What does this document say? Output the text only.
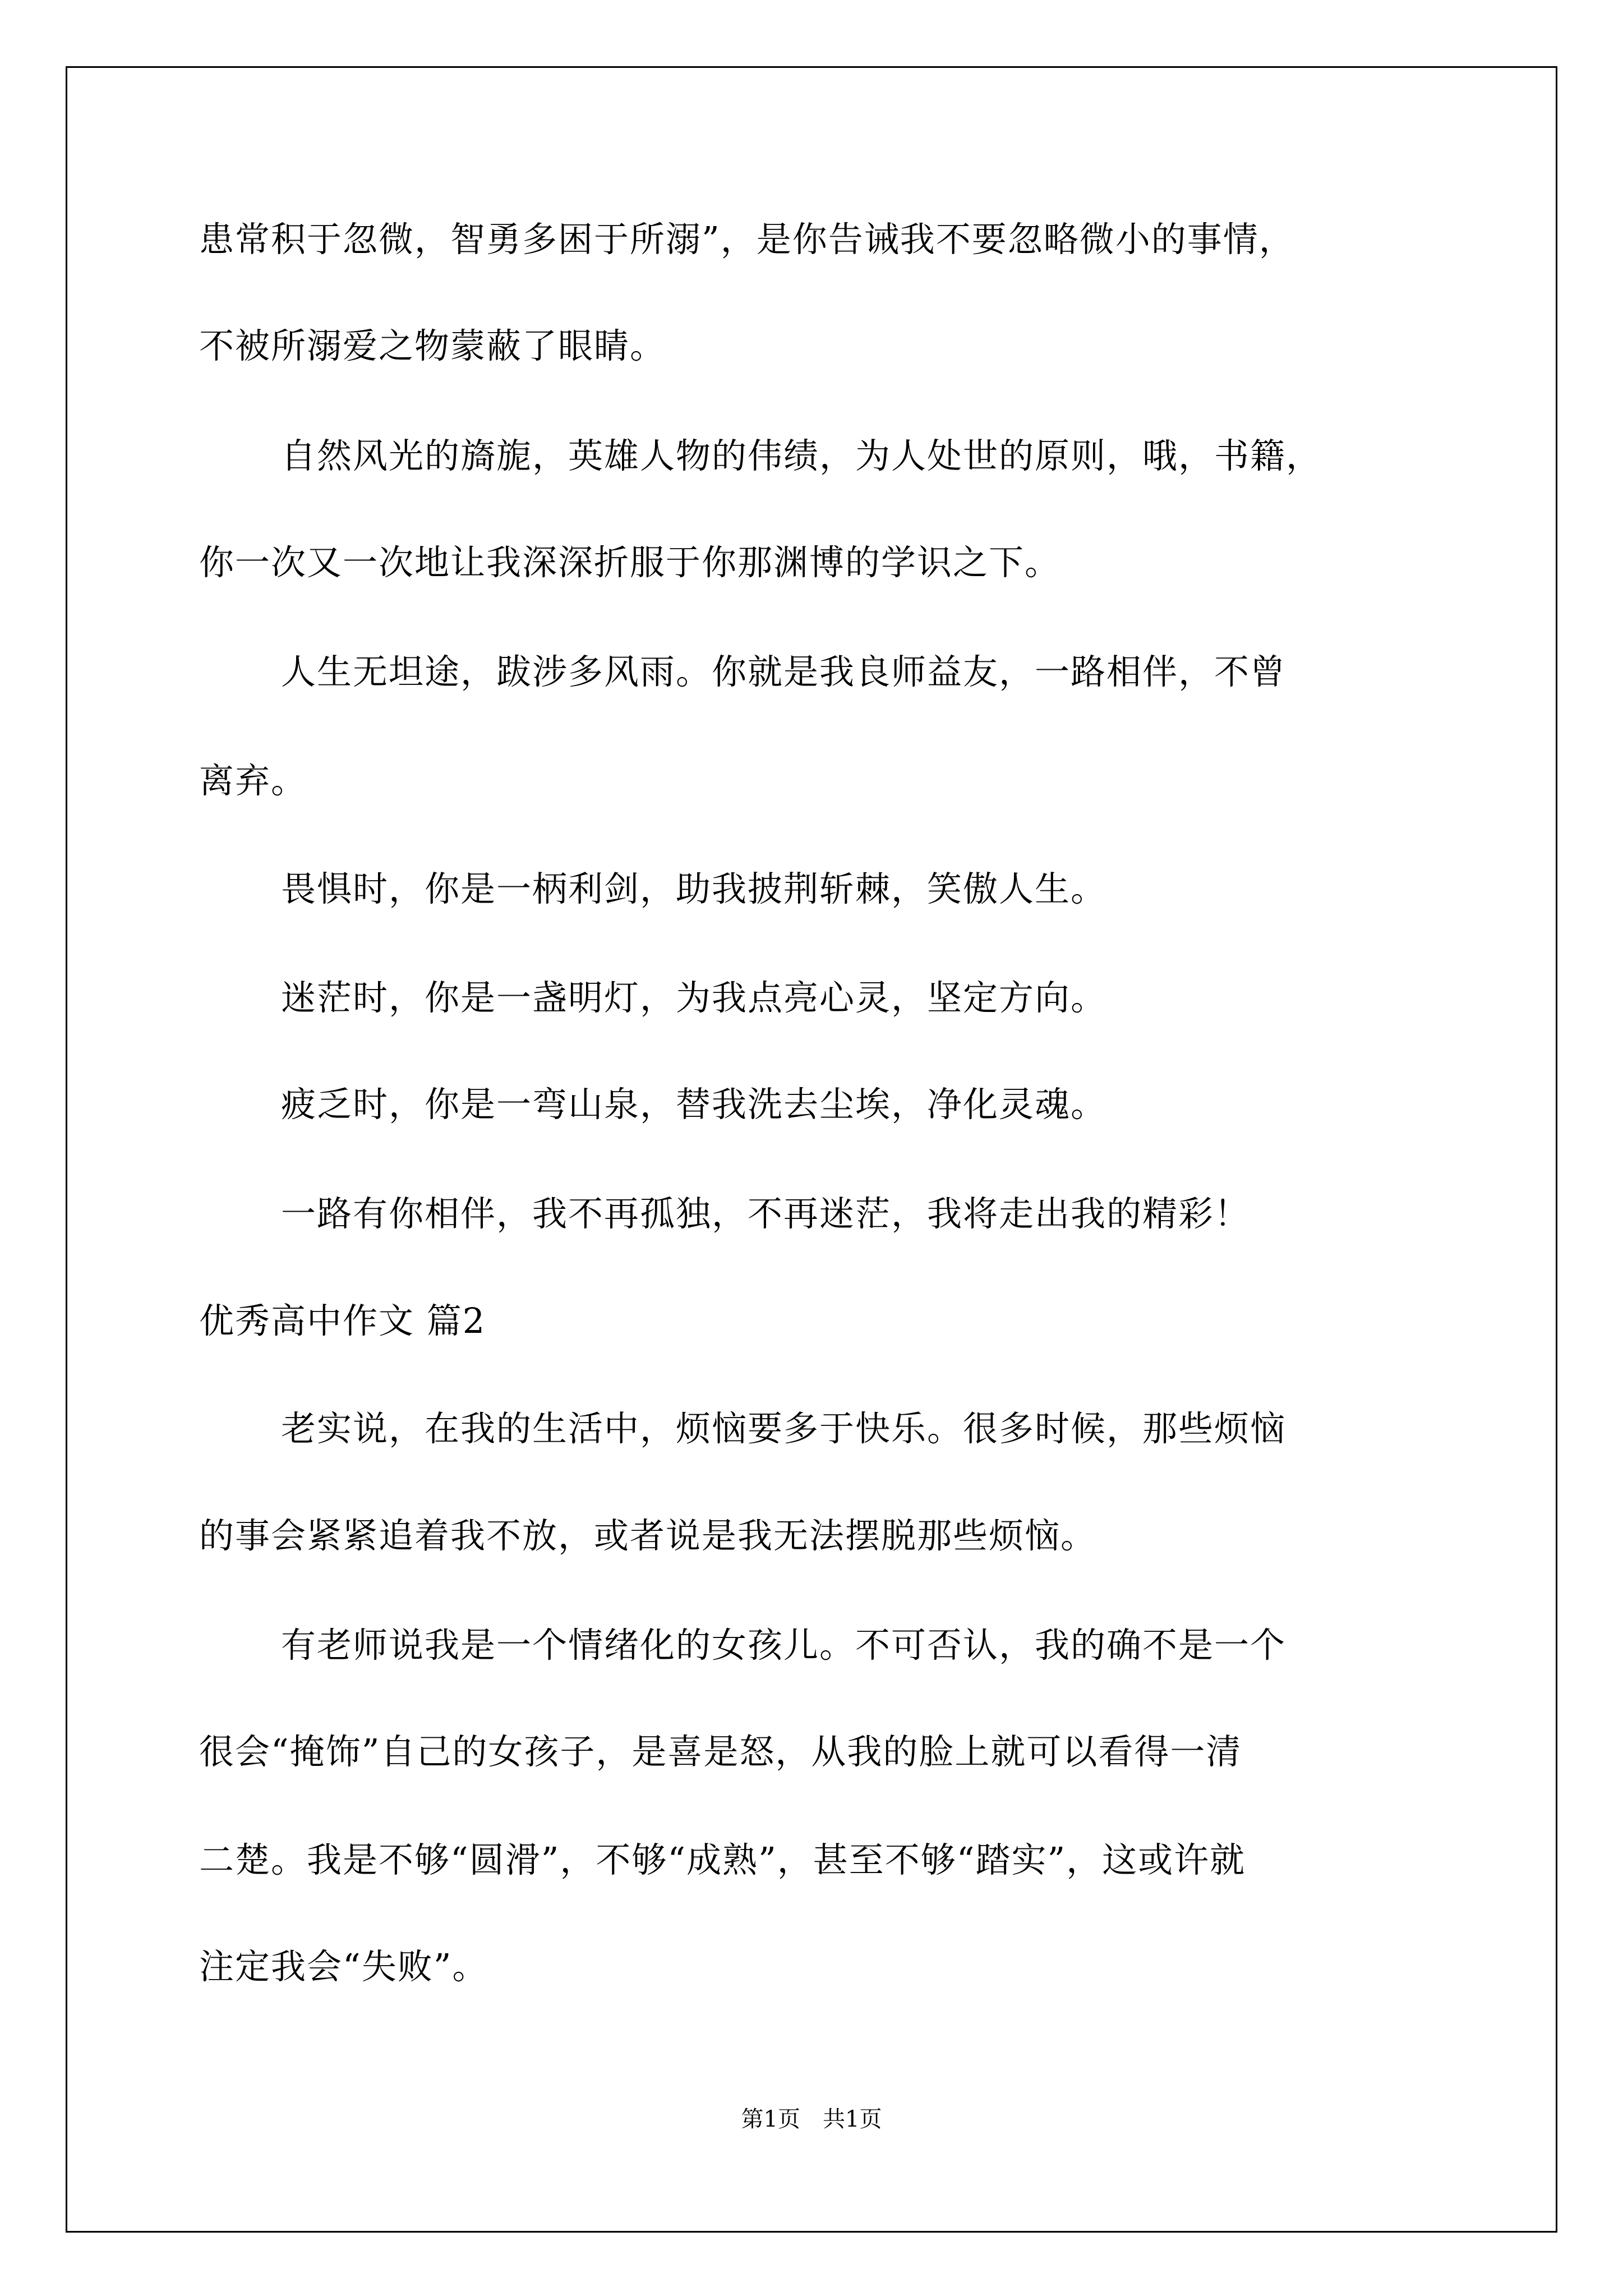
患常积于忽微，智勇多困于所溺”，是你告诫我不要忽略微小的事情，
不被所溺爱之物蒙蔽了眼睛。
自然风光的旖旎，英雄人物的伟绩，为人处世的原则，哦，书籍，
你一次又一次地让我深深折服于你那渊博的学识之下。
人生无坦途，跋涉多风雨。你就是我良师益友，一路相伴，不曾
离弃。
畏惧时，你是一柄利剑，助我披荆斩棘，笑傲人生。
迷茫时，你是一盏明灯，为我点亮心灵，坚定方向。
疲乏时，你是一弯山泉，替我洗去尘埃，净化灵魂。
一路有你相伴，我不再孤独，不再迷茫，我将走出我的精彩！
优秀高中作文 篇2
老实说，在我的生活中，烦恼要多于快乐。很多时候，那些烦恼
的事会紧紧追着我不放，或者说是我无法摆脱那些烦恼。
有老师说我是一个情绪化的女孩儿。不可否认，我的确不是一个
很会“掩饰”自己的女孩子，是喜是怒，从我的脸上就可以看得一清
二楚。我是不够“圆滑”，不够“成熟”，甚至不够“踏实”，这或许就
注定我会“失败”。
第1页　共1页
